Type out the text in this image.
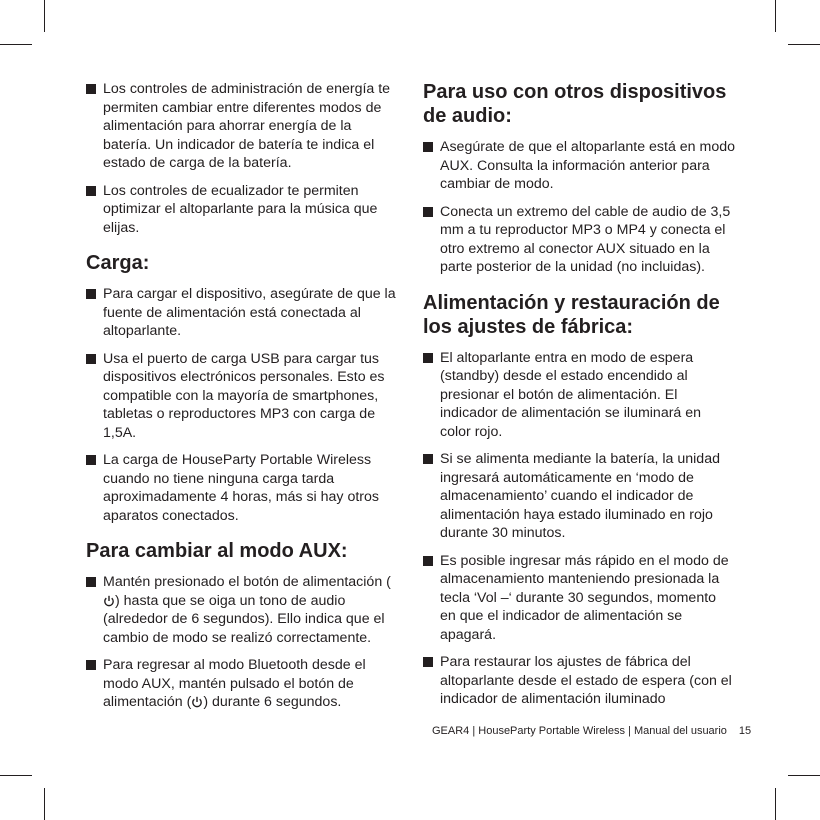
Los controles de administración de energía te permiten cambiar entre diferentes modos de alimentación para ahorrar energía de la batería. Un indicador de batería te indica el estado de carga de la batería.
Los controles de ecualizador te permiten optimizar el altoparlante para la música que elijas.
Carga:
Para cargar el dispositivo, asegúrate de que la fuente de alimentación está conectada al altoparlante.
Usa el puerto de carga USB para cargar tus dispositivos electrónicos personales. Esto es compatible con la mayoría de smartphones, tabletas o reproductores MP3 con carga de 1,5A.
La carga de HouseParty Portable Wireless cuando no tiene ninguna carga tarda aproximadamente 4 horas, más si hay otros aparatos conectados.
Para cambiar al modo AUX:
Mantén presionado el botón de alimentación () hasta que se oiga un tono de audio (alrededor de 6 segundos). Ello indica que el cambio de modo se realizó correctamente.
Para regresar al modo Bluetooth desde el modo AUX, mantén pulsado el botón de alimentación ( ) durante 6 segundos.
Para uso con otros dispositivos de audio:
Asegúrate de que el altoparlante está en modo AUX. Consulta la información anterior para cambiar de modo.
Conecta un extremo del cable de audio de 3,5 mm a tu reproductor MP3 o MP4 y conecta el otro extremo al conector AUX situado en la parte posterior de la unidad (no incluidas).
Alimentación y restauración de los ajustes de fábrica:
El altoparlante entra en modo de espera (standby) desde el estado encendido al presionar el botón de alimentación. El indicador de alimentación se iluminará en color rojo.
Si se alimenta mediante la batería, la unidad ingresará automáticamente en ‘modo de almacenamiento’ cuando el indicador de alimentación haya estado iluminado en rojo durante 30 minutos.
Es posible ingresar más rápido en el modo de almacenamiento manteniendo presionada la tecla ‘Vol –‘ durante 30 segundos, momento en que el indicador de alimentación se apagará.
Para restaurar los ajustes de fábrica del altoparlante desde el estado de espera (con el indicador de alimentación iluminado
GEAR4 | HouseParty Portable Wireless | Manual del usuario 15
